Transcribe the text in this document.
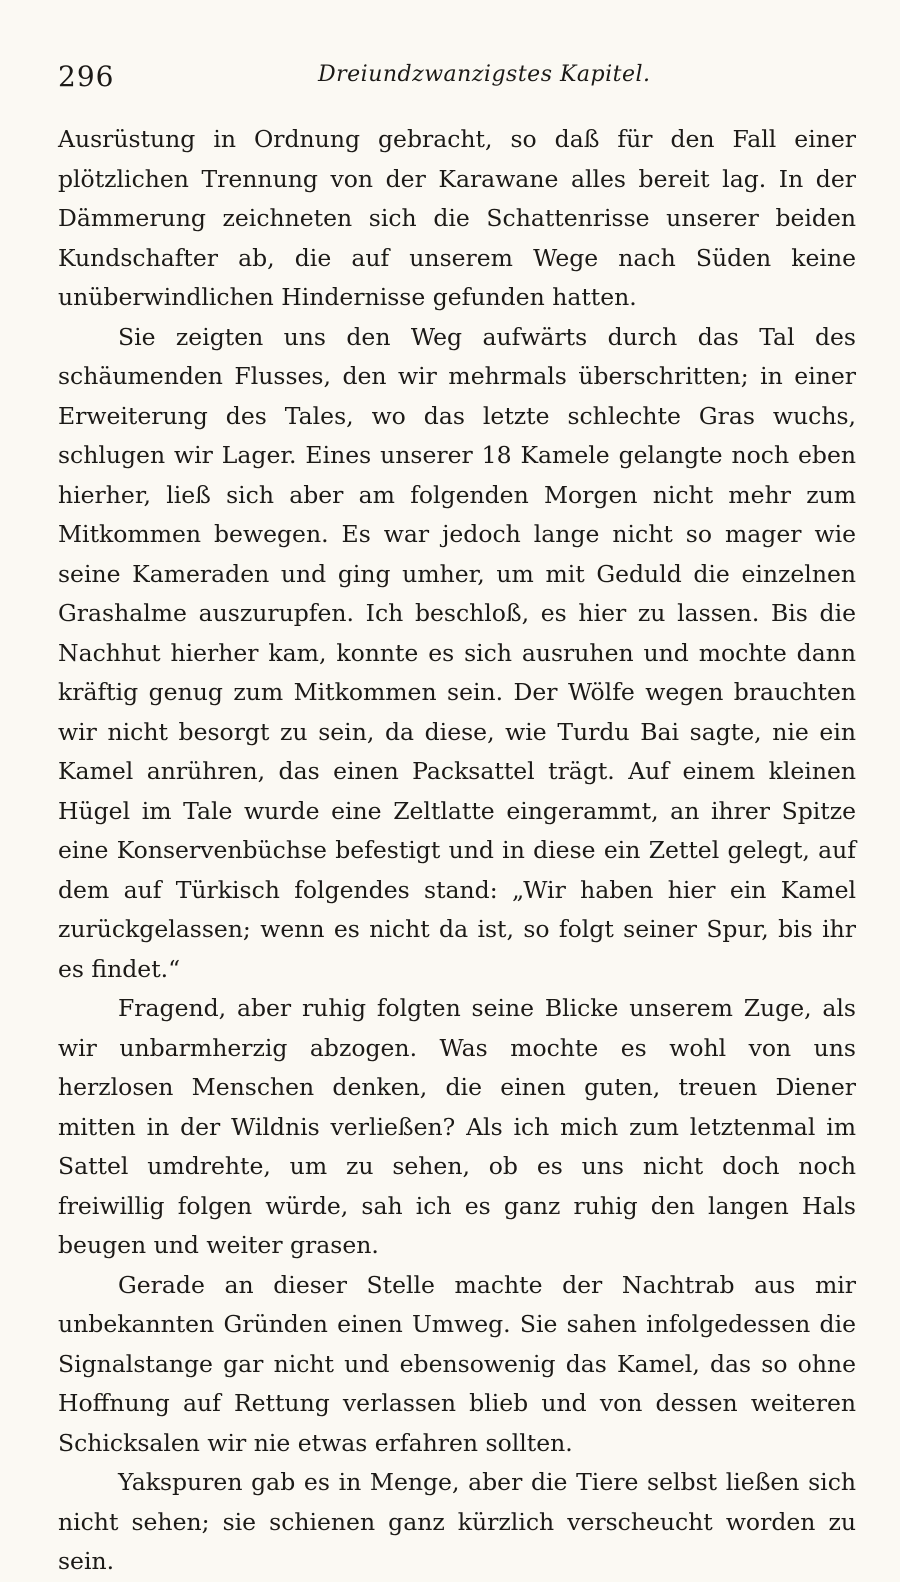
296	Dreiundzwanzigstes Kapitel.

Ausrüstung in Ordnung gebracht, so daß für den Fall einer plötzlichen Trennung von der Karawane alles bereit lag. In der Dämmerung zeichneten sich die Schattenrisse unserer beiden Kundschafter ab, die auf unserem Wege nach Süden keine unüberwindlichen Hindernisse gefunden hatten.

Sie zeigten uns den Weg aufwärts durch das Tal des schäumenden Flusses, den wir mehrmals überschritten; in einer Erweiterung des Tales, wo das letzte schlechte Gras wuchs, schlugen wir Lager. Eines unserer 18 Kamele gelangte noch eben hierher, ließ sich aber am folgenden Morgen nicht mehr zum Mitkommen bewegen. Es war jedoch lange nicht so mager wie seine Kameraden und ging umher, um mit Geduld die einzelnen Grashalme auszurupfen. Ich beschloß, es hier zu lassen. Bis die Nachhut hierher kam, konnte es sich ausruhen und mochte dann kräftig genug zum Mitkommen sein. Der Wölfe wegen brauchten wir nicht besorgt zu sein, da diese, wie Turdu Bai sagte, nie ein Kamel anrühren, das einen Packsattel trägt. Auf einem kleinen Hügel im Tale wurde eine Zeltlatte eingerammt, an ihrer Spitze eine Konservenbüchse befestigt und in diese ein Zettel gelegt, auf dem auf Türkisch folgendes stand: „Wir haben hier ein Kamel zurückgelassen; wenn es nicht da ist, so folgt seiner Spur, bis ihr es findet.“

Fragend, aber ruhig folgten seine Blicke unserem Zuge, als wir unbarmherzig abzogen. Was mochte es wohl von uns herzlosen Menschen denken, die einen guten, treuen Diener mitten in der Wildnis verließen? Als ich mich zum letztenmal im Sattel umdrehte, um zu sehen, ob es uns nicht doch noch freiwillig folgen würde, sah ich es ganz ruhig den langen Hals beugen und weiter grasen.

Gerade an dieser Stelle machte der Nachtrab aus mir unbekannten Gründen einen Umweg. Sie sahen infolgedessen die Signalstange gar nicht und ebensowenig das Kamel, das so ohne Hoffnung auf Rettung verlassen blieb und von dessen weiteren Schicksalen wir nie etwas erfahren sollten.

Yakspuren gab es in Menge, aber die Tiere selbst ließen sich nicht sehen; sie schienen ganz kürzlich verscheucht worden zu sein.
